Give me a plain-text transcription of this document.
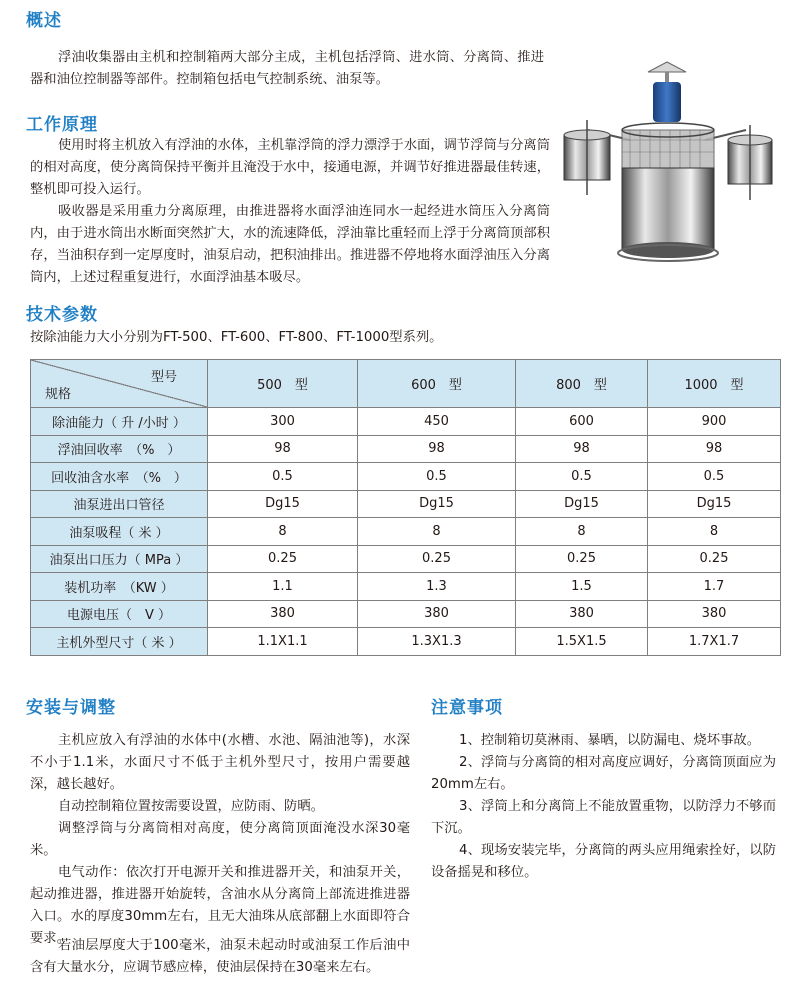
概述

浮油收集器由主机和控制箱两大部分主成，主机包括浮筒、进水筒、分离筒、推进器和油位控制器等部件。控制箱包括电气控制系统、油泵等。

工作原理

使用时将主机放入有浮油的水体，主机靠浮筒的浮力漂浮于水面，调节浮筒与分离筒的相对高度，使分离筒保持平衡并且淹没于水中，接通电源，并调节好推进器最佳转速，整机即可投入运行。

吸收器是采用重力分离原理，由推进器将水面浮油连同水一起经进水筒压入分离筒内，由于进水筒出水断面突然扩大，水的流速降低，浮油靠比重轻而上浮于分离筒顶部积存，当油积存到一定厚度时，油泵启动，把积油排出。推进器不停地将水面浮油压入分离筒内，上述过程重复进行，水面浮油基本吸尽。

技术参数

按除油能力大小分别为FT-500、FT-600、FT-800、FT-1000型系列。

型号
规格	500　型	600　型	800　型	1000　型
除油能力（ 升 /小时 ）	300	450	600	900
浮油回收率　（%　）	98	98	98	98
回收油含水率　（%　）	0.5	0.5	0.5	0.5
油泵进出口管径	Dg15	Dg15	Dg15	Dg15
油泵吸程（ 米 ）	8	8	8	8
油泵出口压力（ MPa ）	0.25	0.25	0.25	0.25
装机功率　（KW ）	1.1	1.3	1.5	1.7
电源电压（　V ）	380	380	380	380
主机外型尺寸（ 米 ）	1.1X1.1	1.3X1.3	1.5X1.5	1.7X1.7
安装与调整

主机应放入有浮油的水体中(水槽、水池、隔油池等)，水深不小于1.1米，水面尺寸不低于主机外型尺寸，按用户需要越深，越长越好。

自动控制箱位置按需要设置，应防雨、防晒。

调整浮筒与分离筒相对高度，使分离筒顶面淹没水深30毫米。

电气动作：依次打开电源开关和推进器开关，和油泵开关，起动推进器，推进器开始旋转，含油水从分离筒上部流进推进器入口。水的厚度30mm左右，且无大油珠从底部翻上水面即符合要求。

若油层厚度大于100毫米，油泵未起动时或油泵工作后油中含有大量水分，应调节感应棒，使油层保持在30毫来左右。

注意事项

1、控制箱切莫淋雨、暴晒，以防漏电、烧坏事故。

2、浮筒与分离筒的相对高度应调好，分离筒顶面应为20mm左右。

3、浮筒上和分离筒上不能放置重物，以防浮力不够而下沉。

4、现场安装完毕，分离筒的两头应用绳索拴好，以防设备摇晃和移位。
